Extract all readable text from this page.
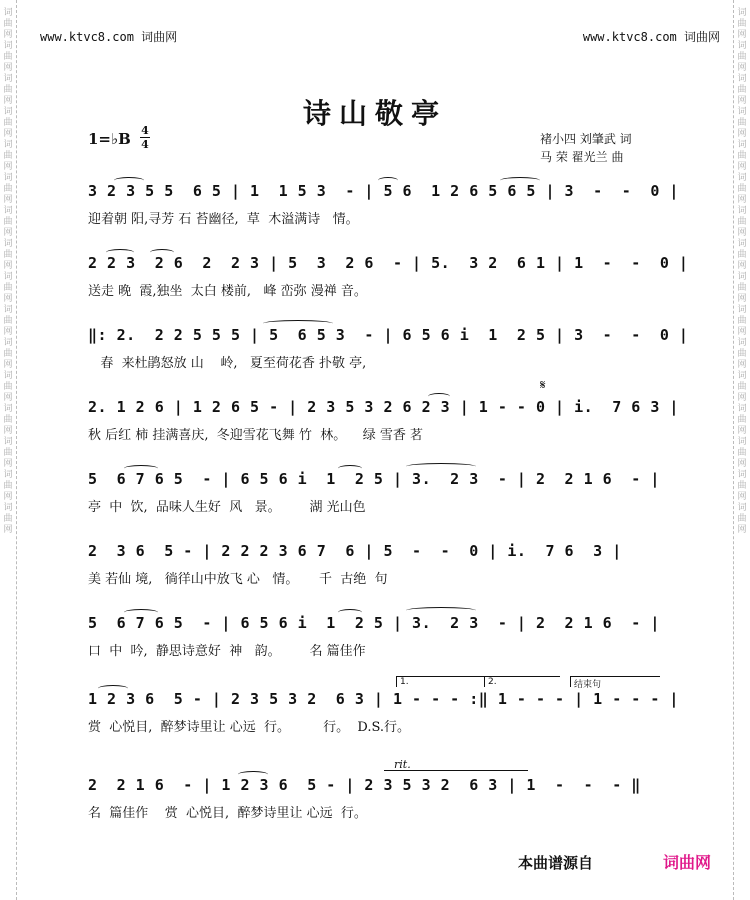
词曲网词曲网词曲网词曲网词曲网词曲网词曲网词曲网词曲网词曲网词曲网词曲网词曲网词曲网词曲网词曲网
词曲网词曲网词曲网词曲网词曲网词曲网词曲网词曲网词曲网词曲网词曲网词曲网词曲网词曲网词曲网词曲网
www.ktvc8.com 词曲网	www.ktvc8.com 词曲网
诗山敬亭
1=♭B 4
4	褚小四 刘肇武 词
马 荣 翟光兰 曲
3 2 3 5 5  6 5 | 1  1 5 3  - | 5 6  1 2 6 5 6 5 | 3  -  -  0 |
迎着朝 阳,寻芳 石 苔幽径,  草  木溢满诗   情。
2 2 3  2 6  2  2 3 | 5  3  2 6  - | 5.  3 2  6 1 | 1  -  -  0 |
送走 晚  霞,独坐  太白 楼前,   峰 峦弥 漫禅 音。
‖: 2.  2 2 5 5 5 | 5  6 5 3  - | 6 5 6 i  1  2 5 | 3  -  -  0 |
春  来杜鹃怒放 山    岭,   夏至荷花香 扑敬 亭,
2. 1 2 6 | 1 2 6 5 - | 2 3 5 3 2 6 2 3 | 1 - - 0 | i.  7 6 3 |
秋 后红 柿 挂满喜庆,  冬迎雪花飞舞 竹  林。    绿 雪香 茗
𝄋
5  6 7 6 5  - | 6 5 6 i  1  2 5 | 3.  2 3  - | 2  2 1 6  - |
亭  中  饮,  品味人生好  风   景。       湖 光山色
2  3 6  5 - | 2 2 2 3 6 7  6 | 5  -  -  0 | i.  7 6  3 |
美 若仙 境,   徜徉山中放飞 心   情。     千  古绝  句
5  6 7 6 5  - | 6 5 6 i  1  2 5 | 3.  2 3  - | 2  2 1 6  - |
口  中  吟,  静思诗意好  神   韵。       名 篇佳作
1.	2.	结束句
1 2 3 6  5 - | 2 3 5 3 2  6 3 | 1 - - - :‖ 1 - - - | 1 - - - |
赏  心悦目,  醉梦诗里让 心远  行。        行。  D.S.行。
rit.
2  2 1 6  - | 1 2 3 6  5 - | 2 3 5 3 2  6 3 | 1  -  -  - ‖
名  篇佳作    赏  心悦目,  醉梦诗里让 心远  行。
本曲谱源自	词曲网
